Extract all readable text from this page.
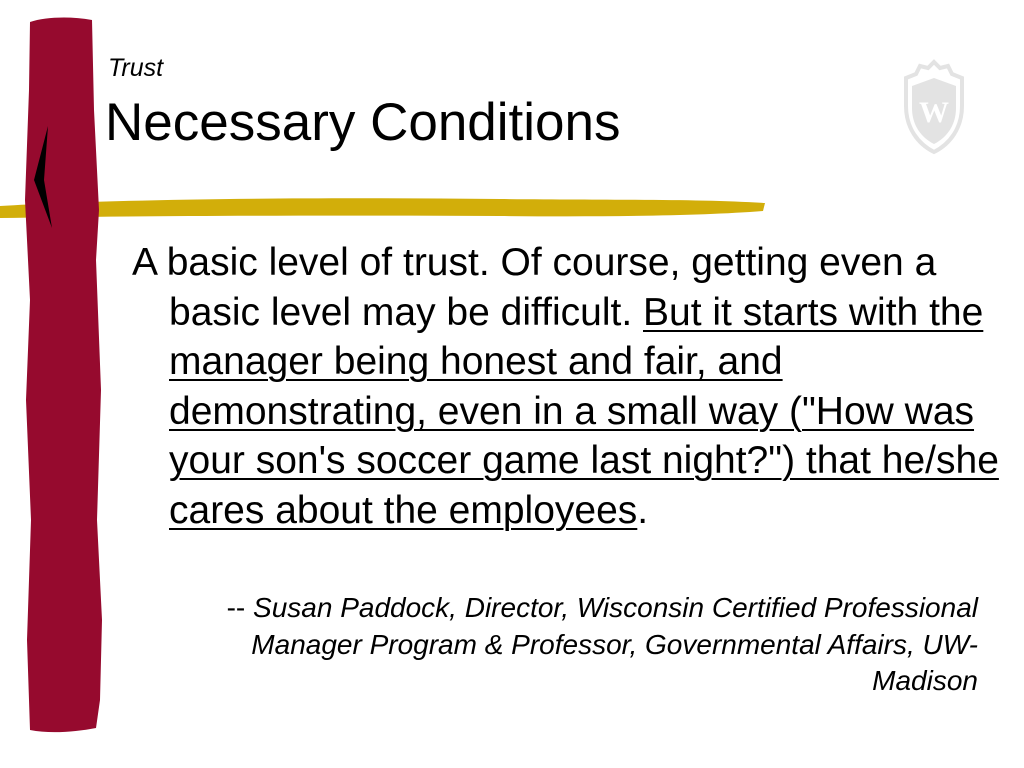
Trust
Necessary Conditions	W
A basic level of trust. Of course, getting even a basic level may be difficult. But it starts with the manager being honest and fair, and demonstrating, even in a small way ("How was your son's soccer game last night?") that he/she cares about the employees.
-- Susan Paddock, Director, Wisconsin Certified Professional Manager Program & Professor, Governmental Affairs, UW-Madison
